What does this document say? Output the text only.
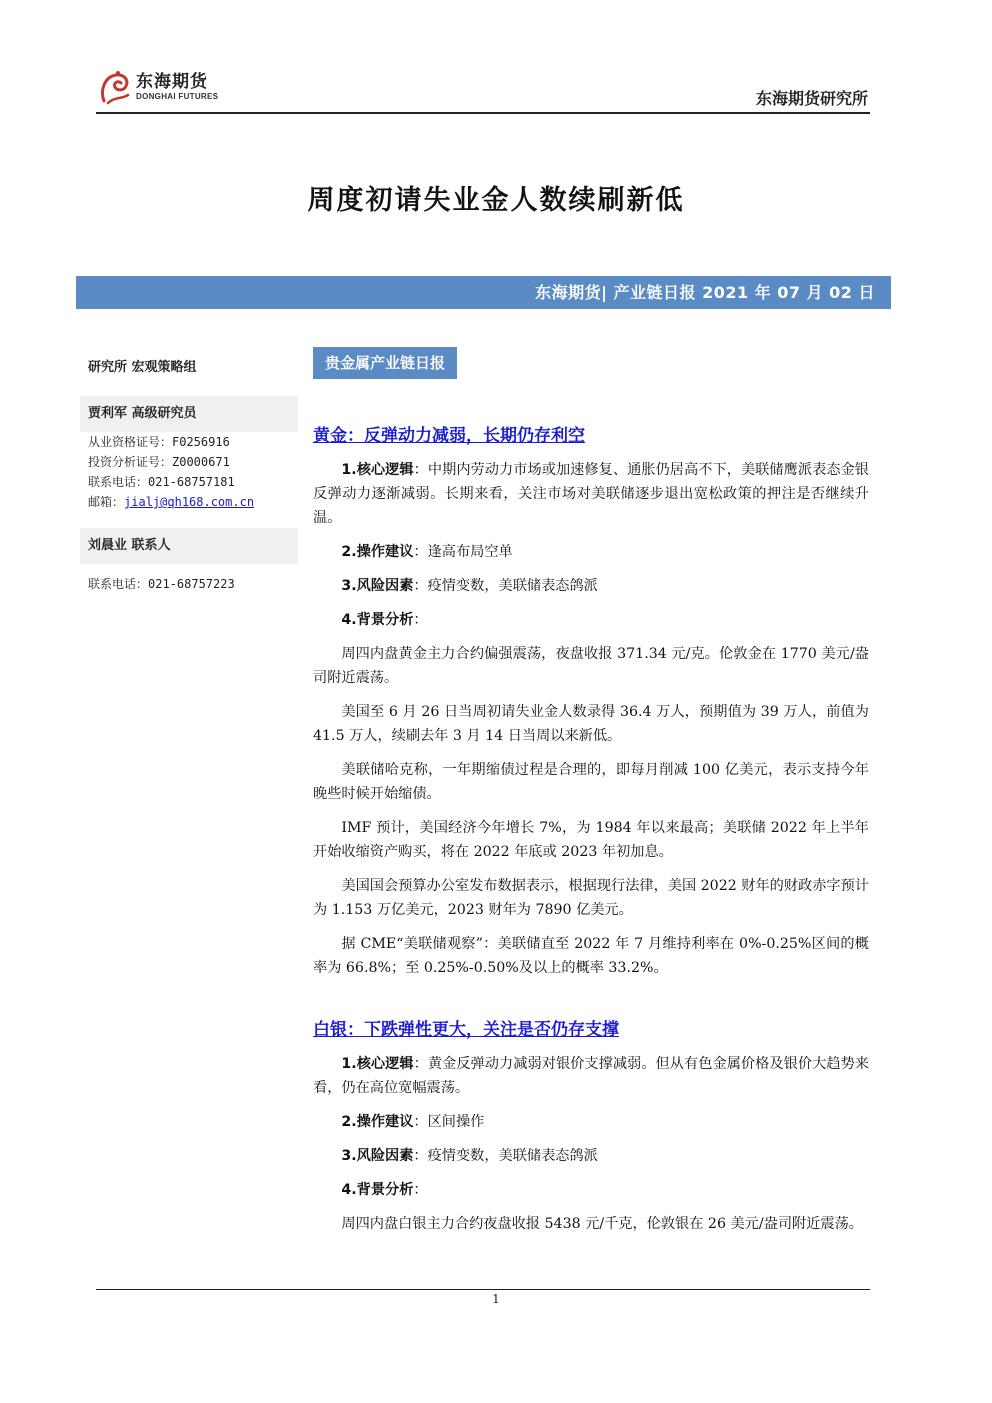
东海期货
DONGHAI FUTURES	东海期货研究所
周度初请失业金人数续刷新低
东海期货| 产业链日报 2021 年 07 月 02 日
研究所 宏观策略组
贾利军 高级研究员
从业资格证号：F0256916
投资分析证号：Z0000671
联系电话：021-68757181
邮箱：jialj@qh168.com.cn
刘晨业 联系人
联系电话：021-68757223
贵金属产业链日报
黄金：反弹动力减弱，长期仍存利空

1.核心逻辑：中期内劳动力市场或加速修复、通胀仍居高不下，美联储鹰派表态金银反弹动力逐渐减弱。长期来看，关注市场对美联储逐步退出宽松政策的押注是否继续升温。

2.操作建议：逢高布局空单

3.风险因素：疫情变数，美联储表态鸽派

4.背景分析：

周四内盘黄金主力合约偏强震荡，夜盘收报 371.34 元/克。伦敦金在 1770 美元/盎司附近震荡。

美国至 6 月 26 日当周初请失业金人数录得 36.4 万人，预期值为 39 万人，前值为 41.5 万人，续刷去年 3 月 14 日当周以来新低。

美联储哈克称，一年期缩债过程是合理的，即每月削减 100 亿美元，表示支持今年晚些时候开始缩债。

IMF 预计，美国经济今年增长 7%，为 1984 年以来最高；美联储 2022 年上半年开始收缩资产购买，将在 2022 年底或 2023 年初加息。

美国国会预算办公室发布数据表示，根据现行法律，美国 2022 财年的财政赤字预计为 1.153 万亿美元，2023 财年为 7890 亿美元。

据 CME“美联储观察”：美联储直至 2022 年 7 月维持利率在 0%-0.25%区间的概率为 66.8%；至 0.25%-0.50%及以上的概率 33.2%。

白银：下跌弹性更大，关注是否仍存支撑

1.核心逻辑：黄金反弹动力减弱对银价支撑减弱。但从有色金属价格及银价大趋势来看，仍在高位宽幅震荡。

2.操作建议：区间操作

3.风险因素：疫情变数，美联储表态鸽派

4.背景分析：

周四内盘白银主力合约夜盘收报 5438 元/千克，伦敦银在 26 美元/盎司附近震荡。

1
